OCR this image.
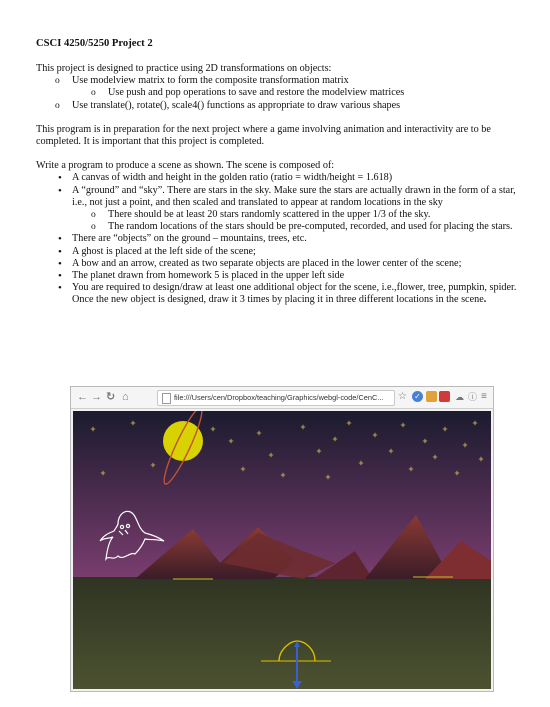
CSCI 4250/5250 Project 2

This project is designed to practice using 2D transformations on objects:

o Use modelview matrix to form the composite transformation matrix
o Use push and pop operations to save and restore the modelview matrices
o Use translate(), rotate(), scale4() functions as appropriate to draw various shapes

This program is in preparation for the next project where a game involving animation and interactivity are to be completed. It is important that this project is completed.

Write a program to produce a scene as shown. The scene is composed of:

• A canvas of width and height in the golden ratio (ratio = width/height = 1.618)
• A “ground” and “sky”. There are stars in the sky. Make sure the stars are actually drawn in the form of a star, i.e., not just a point, and then scaled and translated to appear at random locations in the sky
o There should be at least 20 stars randomly scattered in the upper 1/3 of the sky.
o The random locations of the stars should be pre-computed, recorded, and used for placing the stars.
• There are “objects” on the ground – mountains, trees, etc.
• A ghost is placed at the left side of the scene;
• A bow and an arrow, created as two separate objects are placed in the lower center of the scene;
• The planet drawn from homework 5 is placed in the upper left side
• You are required to design/draw at least one additional object for the scene, i.e.,flower, tree, pumpkin, spider. Once the new object is designed, draw it 3 times by placing it in three different locations in the scene.
← → ↻ ⌂	file:///Users/cen/Dropbox/teaching/Graphics/webgl-code/CenC...	☆ ✓	☁ ⓘ ≡
